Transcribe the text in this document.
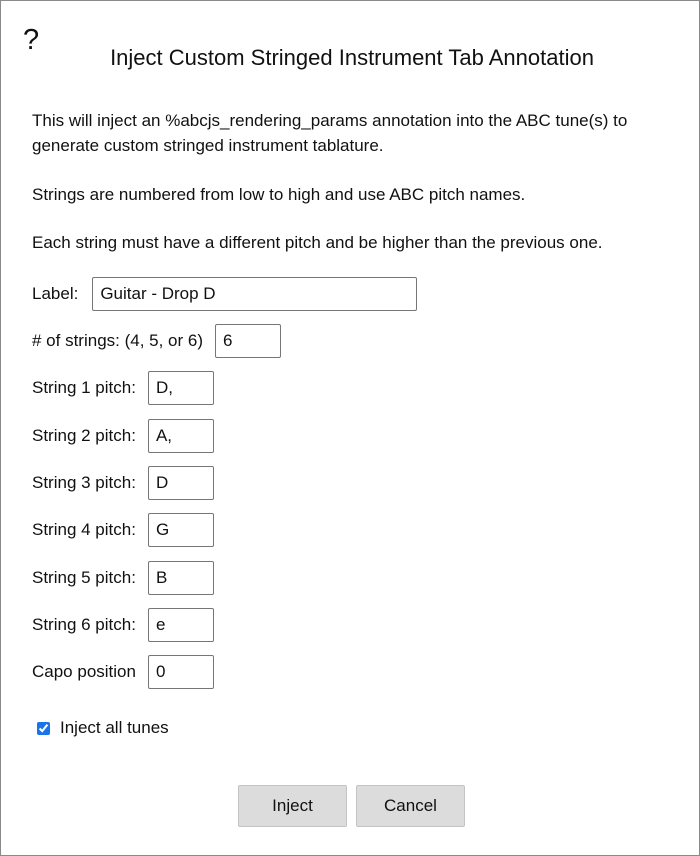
?
Inject Custom Stringed Instrument Tab Annotation
This will inject an %abcjs_rendering_params annotation into the ABC tune(s) to generate custom stringed instrument tablature.
Strings are numbered from low to high and use ABC pitch names.
Each string must have a different pitch and be higher than the previous one.
Label:
Guitar - Drop D
# of strings: (4, 5, or 6)
6
String 1 pitch:
D,
String 2 pitch:
A,
String 3 pitch:
D
String 4 pitch:
G
String 5 pitch:
B
String 6 pitch:
e
Capo position
0
Inject all tunes
Inject	Cancel
